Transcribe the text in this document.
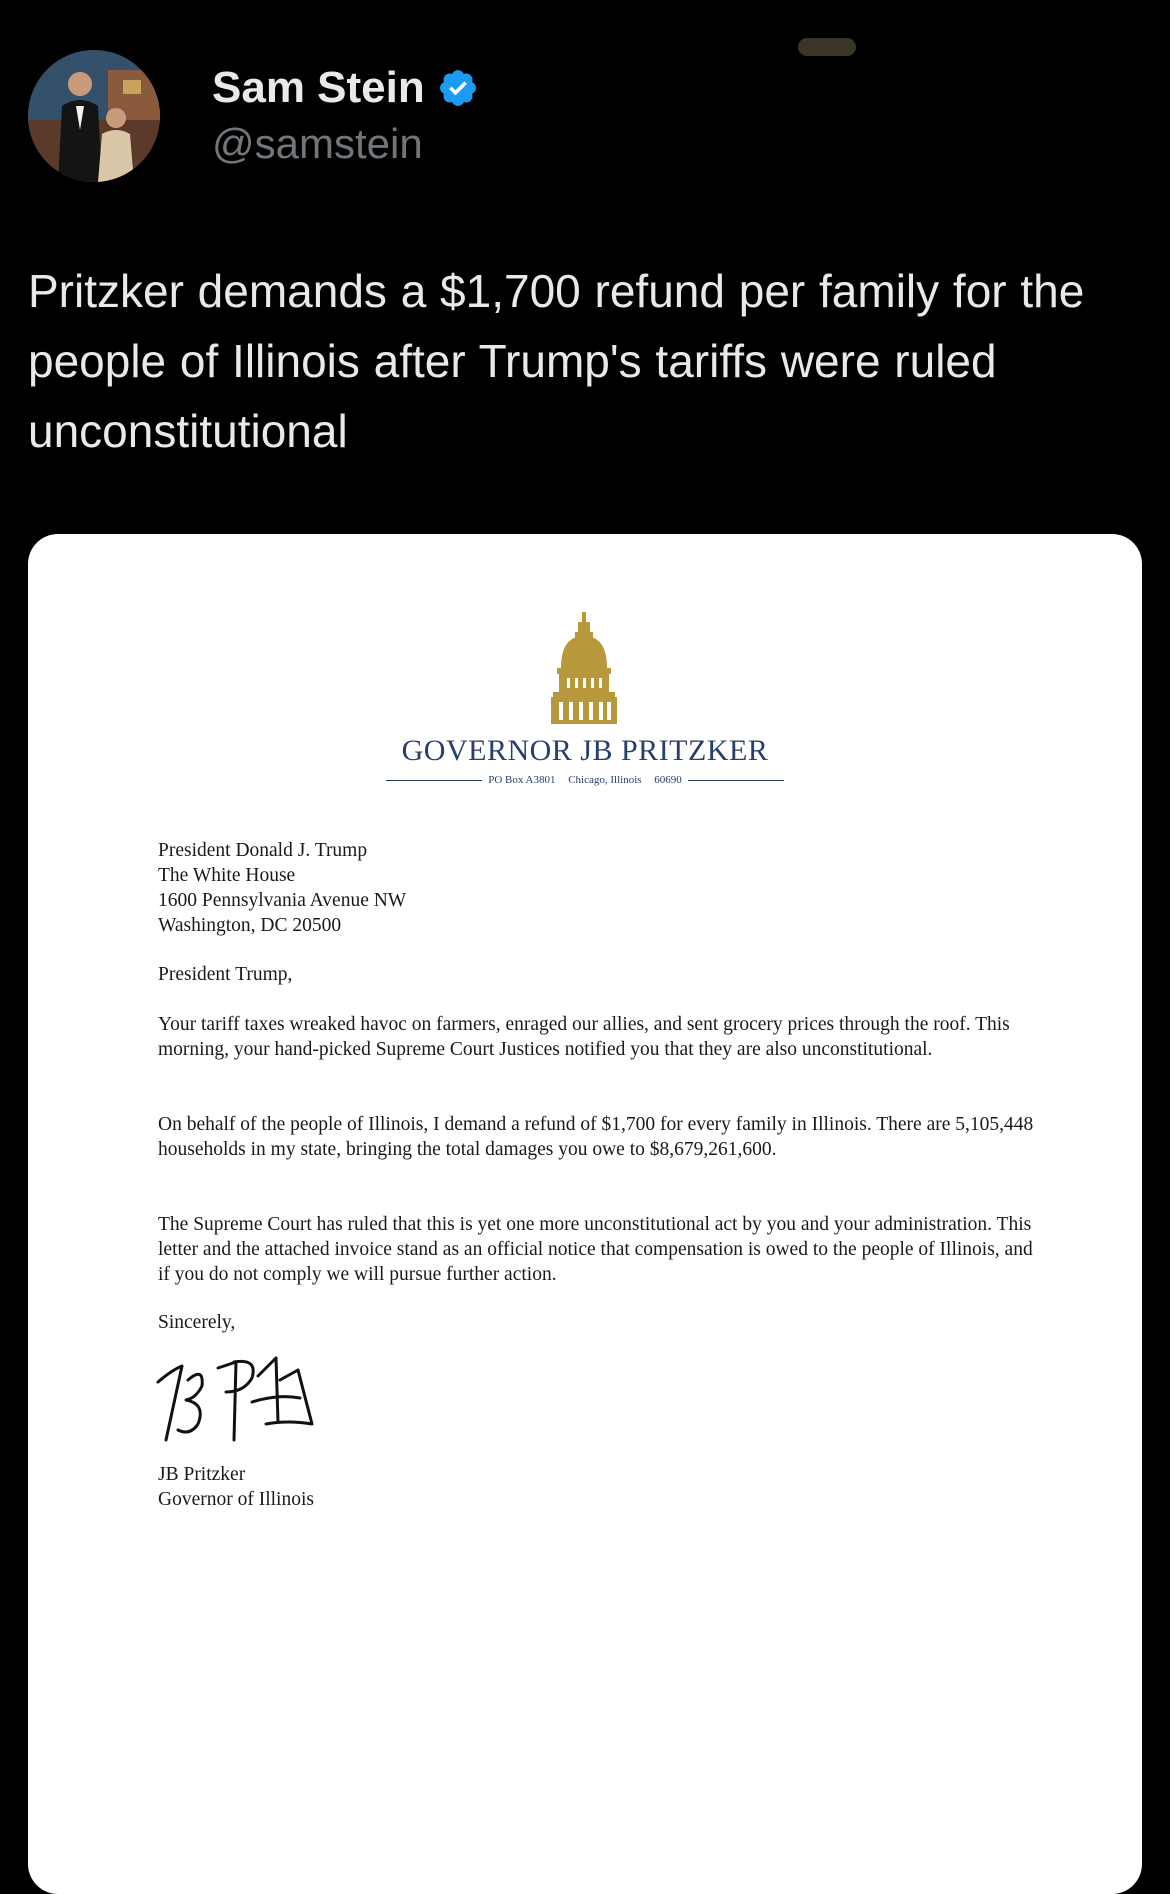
Sam Stein
@samstein
Pritzker demands a $1,700 refund per family for the people of Illinois after Trump's tariffs were ruled unconstitutional
GOVERNOR JB PRITZKER
PO Box A3801 Chicago, Illinois 60690
President Donald J. Trump
The White House
1600 Pennsylvania Avenue NW
Washington, DC 20500
President Trump,
Your tariff taxes wreaked havoc on farmers, enraged our allies, and sent grocery prices through the roof. This morning, your hand-picked Supreme Court Justices notified you that they are also unconstitutional.
On behalf of the people of Illinois, I demand a refund of $1,700 for every family in Illinois. There are 5,105,448 households in my state, bringing the total damages you owe to $8,679,261,600.
The Supreme Court has ruled that this is yet one more unconstitutional act by you and your administration. This letter and the attached invoice stand as an official notice that compensation is owed to the people of Illinois, and if you do not comply we will pursue further action.
Sincerely,
JB Pritzker
Governor of Illinois
